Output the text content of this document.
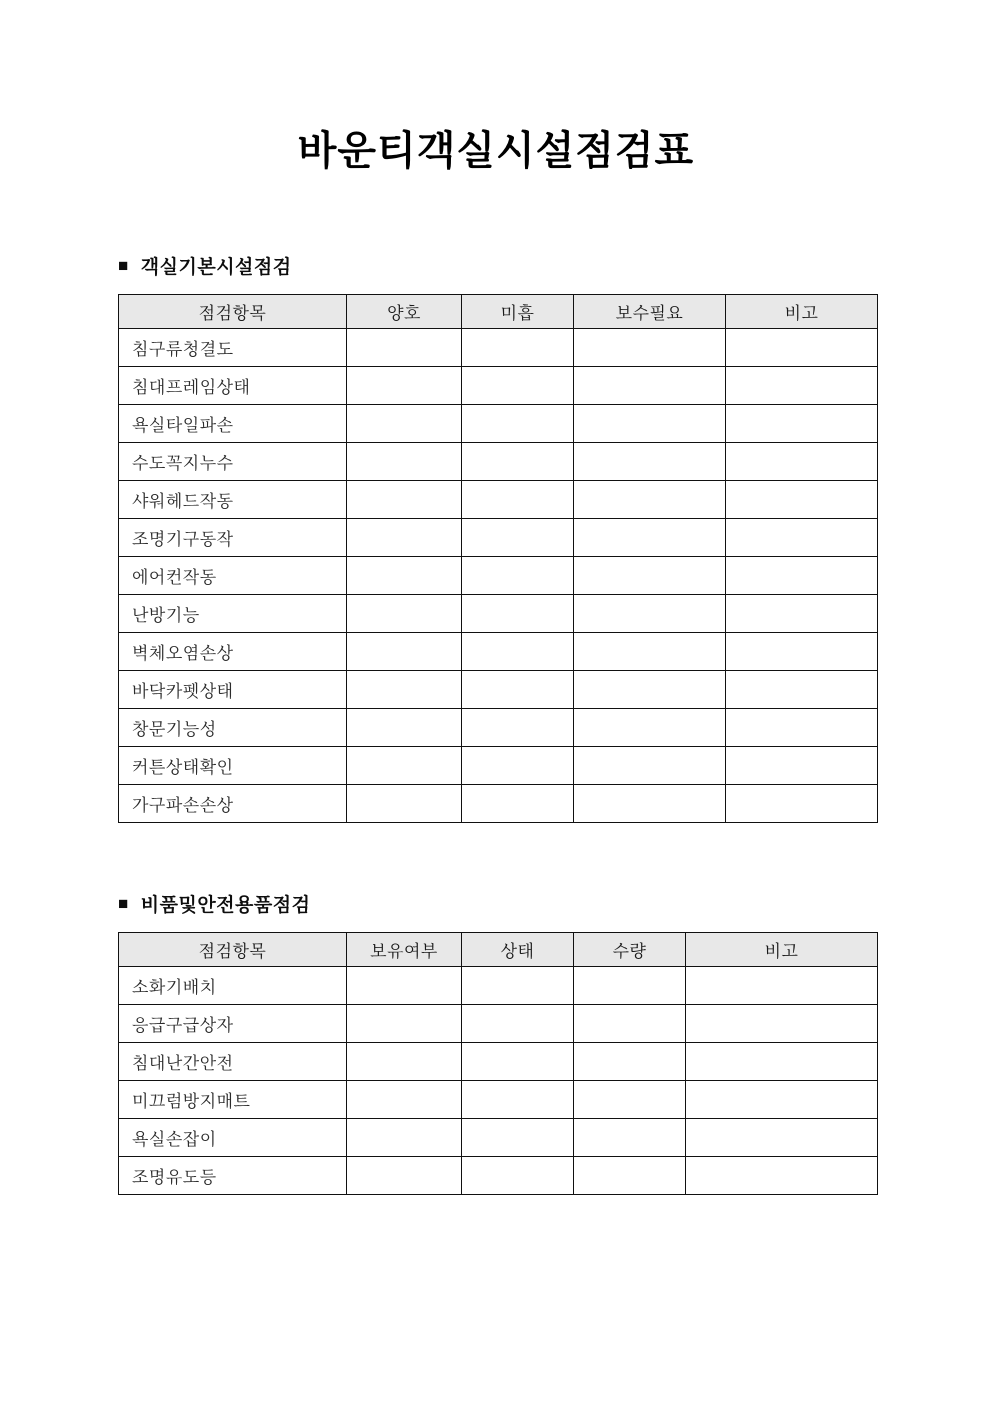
바운티객실시설점검표
■ 객실기본시설점검
점검항목	양호	미흡	보수필요	비고
침구류청결도				
침대프레임상태				
욕실타일파손				
수도꼭지누수				
샤워헤드작동				
조명기구동작				
에어컨작동				
난방기능				
벽체오염손상				
바닥카펫상태				
창문기능성				
커튼상태확인				
가구파손손상				
■ 비품및안전용품점검
점검항목	보유여부	상태	수량	비고
소화기배치				
응급구급상자				
침대난간안전				
미끄럼방지매트				
욕실손잡이				
조명유도등				
